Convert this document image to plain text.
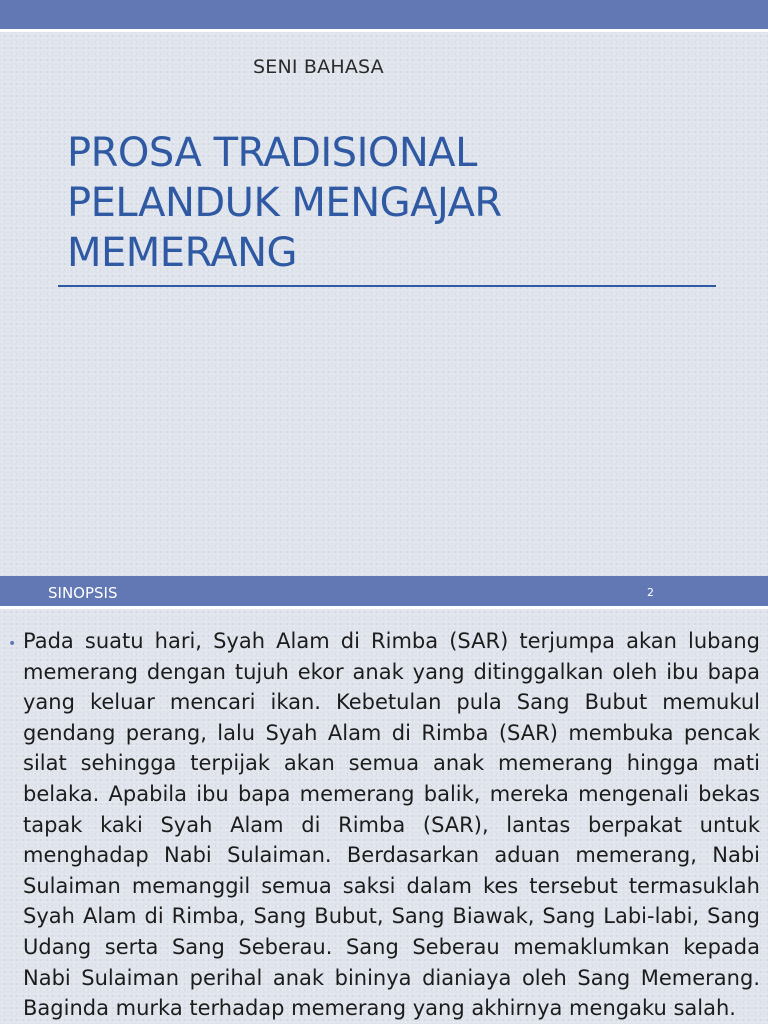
SENI BAHASA
PROSA TRADISIONAL
PELANDUK MENGAJAR
MEMERANG
SINOPSIS	2
• Pada suatu hari, Syah Alam di Rimba (SAR) terjumpa akan lubang memerang dengan tujuh ekor anak yang ditinggalkan oleh ibu bapa yang keluar mencari ikan. Kebetulan pula Sang Bubut memukul gendang perang, lalu Syah Alam di Rimba (SAR) membuka pencak silat sehingga terpijak akan semua anak memerang hingga mati belaka. Apabila ibu bapa memerang balik, mereka mengenali bekas tapak kaki Syah Alam di Rimba (SAR), lantas berpakat untuk menghadap Nabi Sulaiman. Berdasarkan aduan memerang, Nabi Sulaiman memanggil semua saksi dalam kes tersebut termasuklah Syah Alam di Rimba, Sang Bubut, Sang Biawak, Sang Labi-labi, Sang Udang serta Sang Seberau. Sang Seberau memaklumkan kepada Nabi Sulaiman perihal anak bininya dianiaya oleh Sang Memerang. Baginda murka terhadap memerang yang akhirnya mengaku salah.
